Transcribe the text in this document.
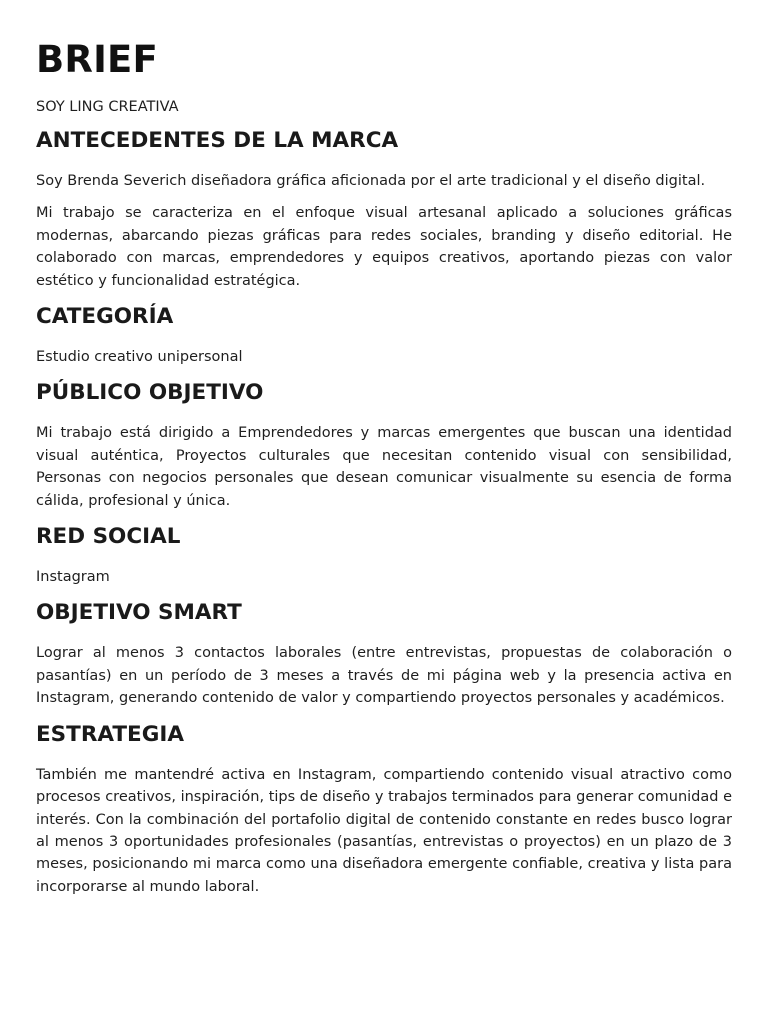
BRIEF

SOY LING CREATIVA

ANTECEDENTES DE LA MARCA

Soy Brenda Severich diseñadora gráfica aficionada por el arte tradicional y el diseño digital.

Mi trabajo se caracteriza en el enfoque visual artesanal aplicado a soluciones gráficas modernas, abarcando piezas gráficas para redes sociales, branding y diseño editorial. He colaborado con marcas, emprendedores y equipos creativos, aportando piezas con valor estético y funcionalidad estratégica.

CATEGORÍA

Estudio creativo unipersonal

PÚBLICO OBJETIVO

Mi trabajo está dirigido a Emprendedores y marcas emergentes que buscan una identidad visual auténtica, Proyectos culturales que necesitan contenido visual con sensibilidad, Personas con negocios personales que desean comunicar visualmente su esencia de forma cálida, profesional y única.

RED SOCIAL

Instagram

OBJETIVO SMART

Lograr al menos 3 contactos laborales (entre entrevistas, propuestas de colaboración o pasantías) en un período de 3 meses a través de mi página web y la presencia activa en Instagram, generando contenido de valor y compartiendo proyectos personales y académicos.

ESTRATEGIA

También me mantendré activa en Instagram, compartiendo contenido visual atractivo como procesos creativos, inspiración, tips de diseño y trabajos terminados para generar comunidad e interés. Con la combinación del portafolio digital de contenido constante en redes busco lograr al menos 3 oportunidades profesionales (pasantías, entrevistas o proyectos) en un plazo de 3 meses, posicionando mi marca como una diseñadora emergente confiable, creativa y lista para incorporarse al mundo laboral.
